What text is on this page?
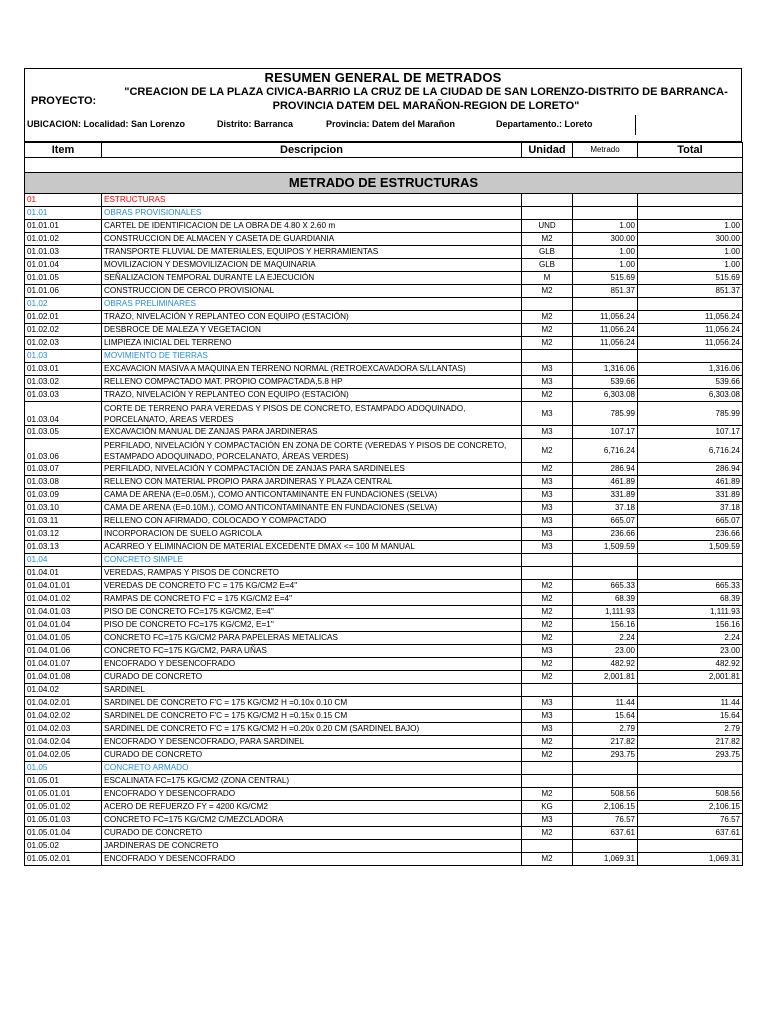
RESUMEN GENERAL DE METRADOS
PROYECTO:
"CREACION DE LA PLAZA CIVICA-BARRIO LA CRUZ DE LA CIUDAD DE SAN LORENZO-DISTRITO DE BARRANCA-
PROVINCIA DATEM DEL MARAÑON-REGION DE LORETO"
UBICACION: Localidad: San Lorenzo	Distrito: Barranca	Provincia: Datem del Marañon	Departamento.: Loreto
Item	Descripcion	Unidad	Metrado	Total

METRADO DE ESTRUCTURAS				
01	ESTRUCTURAS			
01.01	OBRAS PROVISIONALES			
01.01.01	CARTEL DE IDENTIFICACION DE LA OBRA DE 4.80 X 2.60 m	UND	1.00	1.00
01.01.02	CONSTRUCCION DE ALMACEN Y CASETA DE GUARDIANIA	M2	300.00	300.00
01.01.03	TRANSPORTE FLUVIAL DE MATERIALES, EQUIPOS Y HERRAMIENTAS	GLB	1.00	1.00
01.01.04	MOVILIZACION Y DESMOVILIZACION DE MAQUINARIA	GLB	1.00	1.00
01.01.05	SEÑALIZACION TEMPORAL DURANTE LA EJECUCIÓN	M	515.69	515.69
01.01.06	CONSTRUCCION DE CERCO PROVISIONAL	M2	851.37	851.37
01.02	OBRAS PRELIMINARES			
01.02.01	TRAZO, NIVELACIÓN Y REPLANTEO CON EQUIPO (ESTACIÓN)	M2	11,056.24	11,056.24
01.02.02	DESBROCE DE MALEZA Y VEGETACION	M2	11,056.24	11,056.24
01.02.03	LIMPIEZA INICIAL DEL TERRENO	M2	11,056.24	11,056.24
01.03	MOVIMIENTO DE TIERRAS			
01.03.01	EXCAVACION MASIVA A MAQUINA EN TERRENO NORMAL (RETROEXCAVADORA S/LLANTAS)	M3	1,316.06	1,316.06
01.03.02	RELLENO COMPACTADO MAT. PROPIO COMPACTADA,5.8 HP	M3	539.66	539.66
01.03.03	TRAZO, NIVELACIÓN Y REPLANTEO CON EQUIPO (ESTACIÓN)	M2	6,303.08	6,303.08
01.03.04	CORTE DE TERRENO PARA VEREDAS Y PISOS DE CONCRETO, ESTAMPADO ADOQUINADO, PORCELANATO, ÁREAS VERDES	M3	785.99	785.99
01.03.05	EXCAVACIÓN MANUAL DE ZANJAS PARA JARDINERAS	M3	107.17	107.17
01.03.06	PERFILADO, NIVELACIÓN Y COMPACTACIÓN EN ZONA DE CORTE (VEREDAS Y PISOS DE CONCRETO, ESTAMPADO ADOQUINADO, PORCELANATO, ÁREAS VERDES)	M2	6,716.24	6,716.24
01.03.07	PERFILADO, NIVELACIÓN Y COMPACTACIÓN DE ZANJAS PARA SARDINELES	M2	286.94	286.94
01.03.08	RELLENO CON MATERIAL PROPIO PARA JARDINERAS Y PLAZA CENTRAL	M3	461.89	461.89
01.03.09	CAMA DE ARENA (E=0.05M.), COMO ANTICONTAMINANTE EN FUNDACIONES (SELVA)	M3	331.89	331.89
01.03.10	CAMA DE ARENA (E=0.10M.), COMO ANTICONTAMINANTE EN FUNDACIONES (SELVA)	M3	37.18	37.18
01.03.11	RELLENO CON AFIRMADO, COLOCADO Y COMPACTADO	M3	665.07	665.07
01.03.12	INCORPORACION DE SUELO AGRICOLA	M3	236.66	236.66
01.03.13	ACARREO Y ELIMINACION DE MATERIAL EXCEDENTE DMAX <= 100 M MANUAL	M3	1,509.59	1,509.59
01.04	CONCRETO SIMPLE			
01.04.01	VEREDAS, RAMPAS Y PISOS DE CONCRETO			
01.04.01.01	VEREDAS DE CONCRETO F'C = 175 KG/CM2 E=4"	M2	665.33	665.33
01.04.01.02	RAMPAS DE CONCRETO F'C = 175 KG/CM2 E=4"	M2	68.39	68.39
01.04.01.03	PISO DE CONCRETO FC=175 KG/CM2, E=4"	M2	1,111.93	1,111.93
01.04.01.04	PISO DE CONCRETO FC=175 KG/CM2, E=1"	M2	156.16	156.16
01.04.01.05	CONCRETO FC=175 KG/CM2 PARA PAPELERAS METALICAS	M2	2.24	2.24
01.04.01.06	CONCRETO FC=175 KG/CM2, PARA UÑAS	M3	23.00	23.00
01.04.01.07	ENCOFRADO Y DESENCOFRADO	M2	482.92	482.92
01.04.01.08	CURADO DE CONCRETO	M2	2,001.81	2,001.81
01.04.02	SARDINEL			
01.04.02.01	SARDINEL DE CONCRETO F'C = 175 KG/CM2 H =0.10x 0.10 CM	M3	11.44	11.44
01.04.02.02	SARDINEL DE CONCRETO F'C = 175 KG/CM2 H =0.15x 0.15 CM	M3	15.64	15.64
01.04.02.03	SARDINEL DE CONCRETO F'C = 175 KG/CM2 H =0.20x 0.20 CM (SARDINEL BAJO)	M3	2.79	2.79
01.04.02.04	ENCOFRADO Y DESENCOFRADO, PARA SARDINEL	M2	217.82	217.82
01.04.02.05	CURADO DE CONCRETO	M2	293.75	293.75
01.05	CONCRETO ARMADO			
01.05.01	ESCALINATA FC=175 KG/CM2 (ZONA CENTRAL)			
01.05.01.01	ENCOFRADO Y DESENCOFRADO	M2	508.56	508.56
01.05.01.02	ACERO DE REFUERZO FY = 4200 KG/CM2	KG	2,106.15	2,106.15
01.05.01.03	CONCRETO FC=175 KG/CM2 C/MEZCLADORA	M3	76.57	76.57
01.05.01.04	CURADO DE CONCRETO	M2	637.61	637.61
01.05.02	JARDINERAS DE CONCRETO			
01.05.02.01	ENCOFRADO Y DESENCOFRADO	M2	1,069.31	1,069.31
